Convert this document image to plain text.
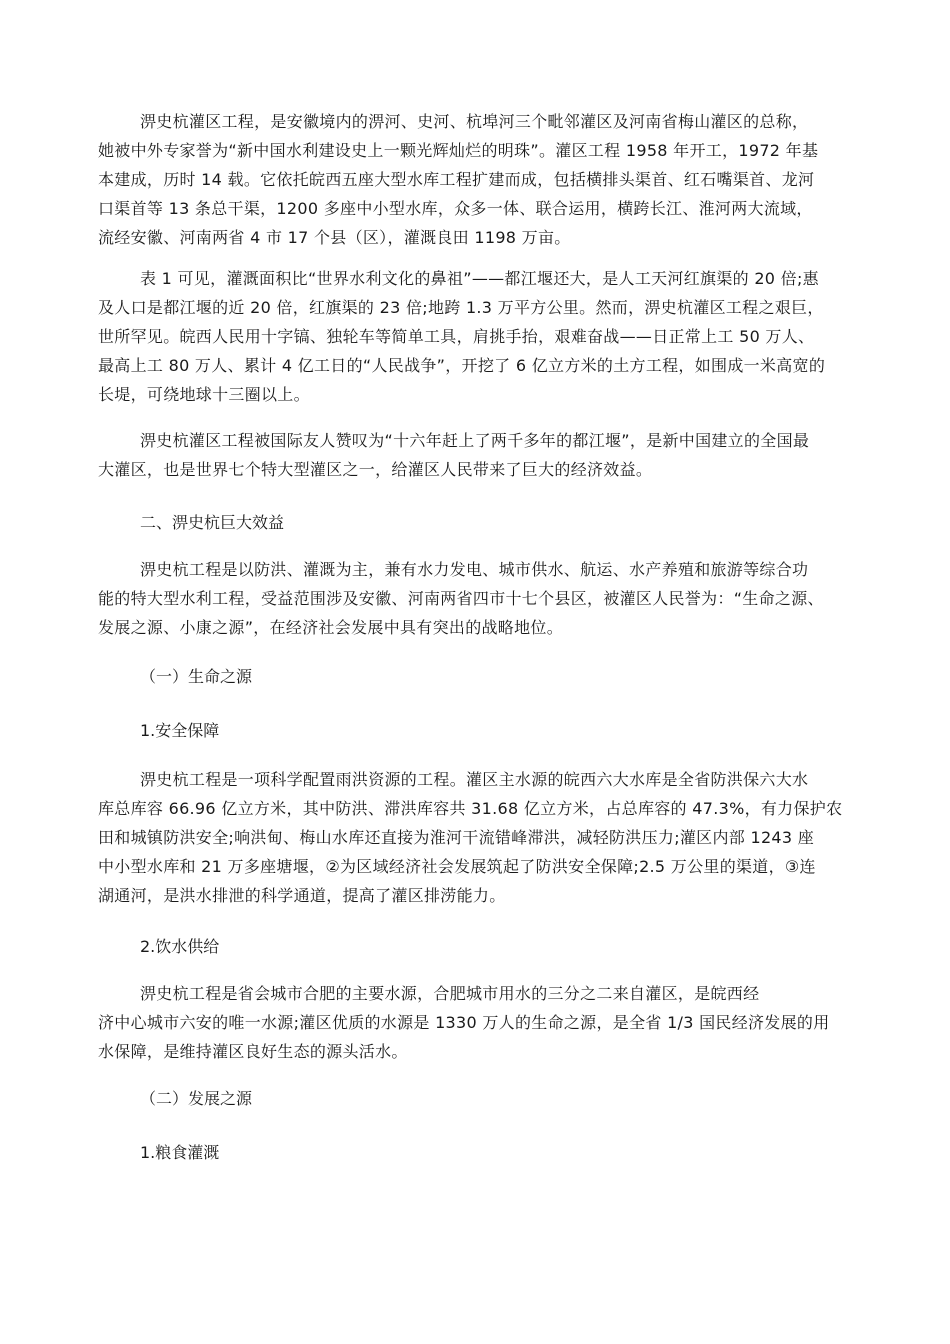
淠史杭灌区工程，是安徽境内的淠河、史河、杭埠河三个毗邻灌区及河南省梅山灌区的总称，
她被中外专家誉为“新中国水利建设史上一颗光辉灿烂的明珠”。灌区工程 1958 年开工，1972 年基
本建成，历时 14 载。它依托皖西五座大型水库工程扩建而成，包括横排头渠首、红石嘴渠首、龙河
口渠首等 13 条总干渠，1200 多座中小型水库，众多一体、联合运用，横跨长江、淮河两大流域，
流经安徽、河南两省 4 市 17 个县（区），灌溉良田 1198 万亩。
表 1 可见，灌溉面积比“世界水利文化的鼻祖”——都江堰还大，是人工天河红旗渠的 20 倍;惠
及人口是都江堰的近 20 倍，红旗渠的 23 倍;地跨 1.3 万平方公里。然而，淠史杭灌区工程之艰巨，
世所罕见。皖西人民用十字镐、独轮车等简单工具，肩挑手抬，艰难奋战——日正常上工 50 万人、
最高上工 80 万人、累计 4 亿工日的“人民战争”，开挖了 6 亿立方米的土方工程，如围成一米高宽的
长堤，可绕地球十三圈以上。
淠史杭灌区工程被国际友人赞叹为“十六年赶上了两千多年的都江堰”，是新中国建立的全国最
大灌区，也是世界七个特大型灌区之一，给灌区人民带来了巨大的经济效益。
二、淠史杭巨大效益
淠史杭工程是以防洪、灌溉为主，兼有水力发电、城市供水、航运、水产养殖和旅游等综合功
能的特大型水利工程，受益范围涉及安徽、河南两省四市十七个县区，被灌区人民誉为：“生命之源、
发展之源、小康之源”，在经济社会发展中具有突出的战略地位。
（一）生命之源
1.安全保障
淠史杭工程是一项科学配置雨洪资源的工程。灌区主水源的皖西六大水库是全省防洪保六大水
库总库容 66.96 亿立方米，其中防洪、滞洪库容共 31.68 亿立方米，占总库容的 47.3%，有力保护农
田和城镇防洪安全;响洪甸、梅山水库还直接为淮河干流错峰滞洪，减轻防洪压力;灌区内部 1243 座
中小型水库和 21 万多座塘堰，②为区域经济社会发展筑起了防洪安全保障;2.5 万公里的渠道，③连
湖通河，是洪水排泄的科学通道，提高了灌区排涝能力。
2.饮水供给
淠史杭工程是省会城市合肥的主要水源，合肥城市用水的三分之二来自灌区，是皖西经
济中心城市六安的唯一水源;灌区优质的水源是 1330 万人的生命之源，是全省 1/3 国民经济发展的用
水保障，是维持灌区良好生态的源头活水。
（二）发展之源
1.粮食灌溉
